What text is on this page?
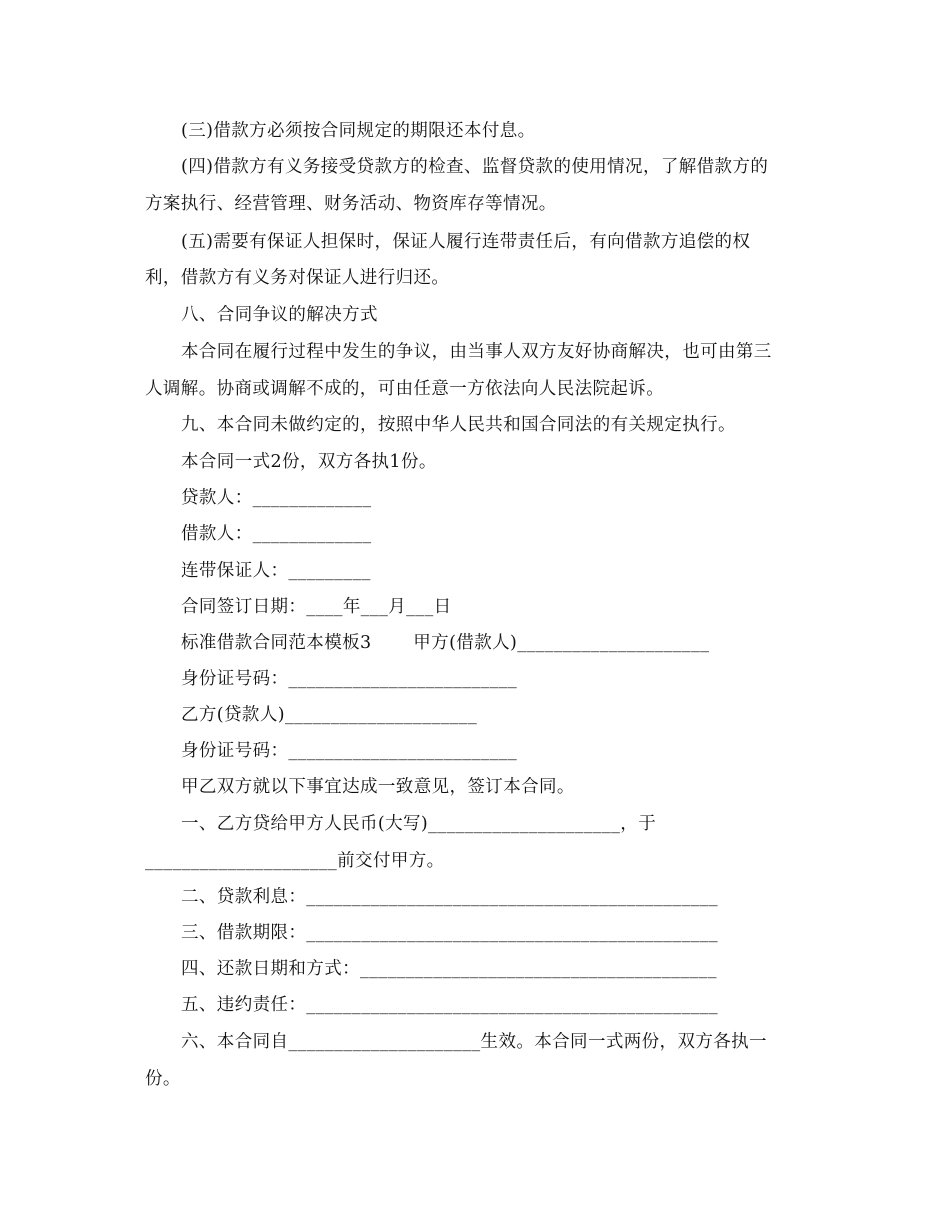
(三)借款方必须按合同规定的期限还本付息。
(四)借款方有义务接受贷款方的检查、监督贷款的使用情况，了解借款方的
方案执行、经营管理、财务活动、物资库存等情况。
(五)需要有保证人担保时，保证人履行连带责任后，有向借款方追偿的权
利，借款方有义务对保证人进行归还。
八、合同争议的解决方式
本合同在履行过程中发生的争议，由当事人双方友好协商解决，也可由第三
人调解。协商或调解不成的，可由任意一方依法向人民法院起诉。
九、本合同未做约定的，按照中华人民共和国合同法的有关规定执行。
本合同一式2份，双方各执1份。
贷款人：_____________
借款人：_____________
连带保证人：_________
合同签订日期：____年___月___日
标准借款合同范本模板3       甲方(借款人)_____________________
身份证号码：_________________________
乙方(贷款人)_____________________
身份证号码：_________________________
甲乙双方就以下事宜达成一致意见，签订本合同。
一、乙方贷给甲方人民币(大写)_____________________，于
_____________________前交付甲方。
二、贷款利息：_____________________________________________
三、借款期限：_____________________________________________
四、还款日期和方式：_______________________________________
五、违约责任：_____________________________________________
六、本合同自_____________________生效。本合同一式两份，双方各执一
份。
